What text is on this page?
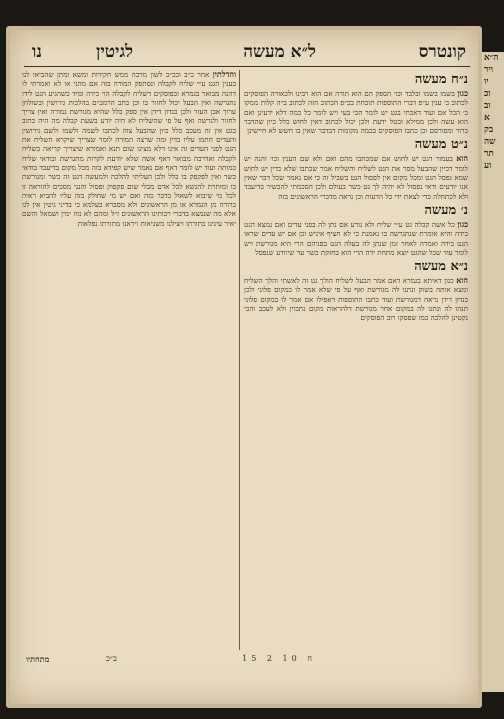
ה״א
ויר
יו
וכ
וב
א
בק
שה
תר
וע
קונטרס
ל״א מעשה
לגיטין
נו
נ״ח מעשה
כגון בשמו בשמו ובלבד וכו׳ הספק הם הוא תורה אם הוא רבינו ולכאורה הפוסקים לכתוב ב׳ ענין ע״פ דברי התוספות תוכחת בכ״פ הכתוב הזה לכתוב ב״ה קלות ממקו ב׳ הכל אם ועוד דאכתי בגט יש לומר הכי בעי ויש לומר כל כמה דלא ידעינן ואם הוא עשה ולכן ממילא ובטל ידעת ולכן יכול לכתוב דאין לחוש כלל כיון שהדבר ברור ומפורסם וכן כתבו הפוסקים בכמה מקומות דבדבר שאין בו חשש לא חיישינן
נ״ט מעשה
הוא בעמור דגט יש לחוש אם שמכתבו מהם ואם ולא שם הענין וכו׳ והנה יש לומר דכיון שהבעל מסר את הגט לשליח והשליח אמר שכתבו שלא כדין יש לחוש שמא נפסל הגט ומכל מקום אין לפסול הגט בשביל זה כי אם נאמר שכל דבר שאין אנו יודעים ודאי נפסול לא יהיה לך גט כשר בעולם ולכן הסכמתי להכשיר בדיעבד ולא לכתחלה כדי לצאת ידי כל הדעות וכן נראה מדברי הראשונים בזה
נ׳ מעשה
כגון כל אשה קבלה גט ע״י שליח ולא נודע אם נתן לה בפני עדים ואם נמצא הגט בידה והיא אומרת שנתגרשה בו נאמנת כי לא חציף איניש וכן אם יש עדים שראו הגט בידה ואמרה לאחר זמן שנתן לה בעלה הגט בפניהם הרי היא מגורשת ויש לומר עוד שכל שהגט יוצא מתחת ידה הרי הוא בחזקת כשר עד שיוודע שנפסל
נ״א מעשה
הוא כגון דאיתא בגמרא דאם אמר הבעל לשליח הולך גט זה לאשתי והלך השליח ומצא אותה בשוק ונתנו לה מגורשת ואף על פי שלא אמר לו במקום פלוני ולכן בנדון דידן נראה דמגורשת ועוד כתבו התוספות דאפילו אם אמר לו במקום פלוני תנהו לה ונתנו לה במקום אחר מגורשת דלהראות מקום נתכוין ולא לעכב והכי נקטינן להלכה כמו שפסקו רוב הפוסקים
והדלתין אחר כ״ב ובכ״ב לשון מרבה ממש חקירות ומשא ומתן שהביאו לנו בענין הגט ע״י שליח לקבלה ונסתפק המורה בזה אם מהני או לא ואמרתי לו דהנה מבואר בגמרא ובפוסקים דשליח לקבלה הוי כידה ומיד כשהגיע הגט לידו נתגרשה ואין הבעל יכול לחזור בו וכן כתב הרמב״ם בהלכות גירושין ובשולחן ערוך אבן העזר ולכן בנדון דידן אין ספק כלל שהיא מגורשת גמורה ואין צריך לחזור ולגרשה ואף על פי שהשליח לא היה יודע בשעת קבלה מה היה כתוב בגט אין זה מעכב כלל כיון שהבעל צוה לכתבו לשמה ולשמו ולשם גירושין והעדים חתמו עליו כדין ומה שרצה המורה לומר שצריך שיקרא השליח את הגט לפני העדים זה אינו דלא מצינו שום תנא ואמורא שיצריך קריאה בשליח לקבלה ואדרבה מבואר דאף אשה שלא יודעת לקרות מתגרשת ובודאי שליח כמותה ועוד יש לומר דאף אם נאמר שיש קפידא בזה מכל מקום בדיעבד בודאי כשר ואין לפקפק בו כלל ולכן העליתי להלכה ולמעשה דגט זה כשר ומגורשת בו ומותרת להנשא לכל אדם מבלי שום פקפוק ופסול והנני מסכים להוראה זו לכל מי שיבוא לשאול בדבר כזה ואם יש מי שחולק בזה עליו להביא ראיה ברורה מן הגמרא או מן הראשונים ולא מסברא בעלמא כי בדיני גיטין אין לנו אלא מה שנמצא בדברי רבותינו הראשונים ז״ל ומהם לא נזוז ימין ושמאל והשם יאיר עינינו בתורתו ויצילנו משגיאות ויראנו מתורתו נפלאות
15 2 ח 10
ב״כ
מתחתיו
